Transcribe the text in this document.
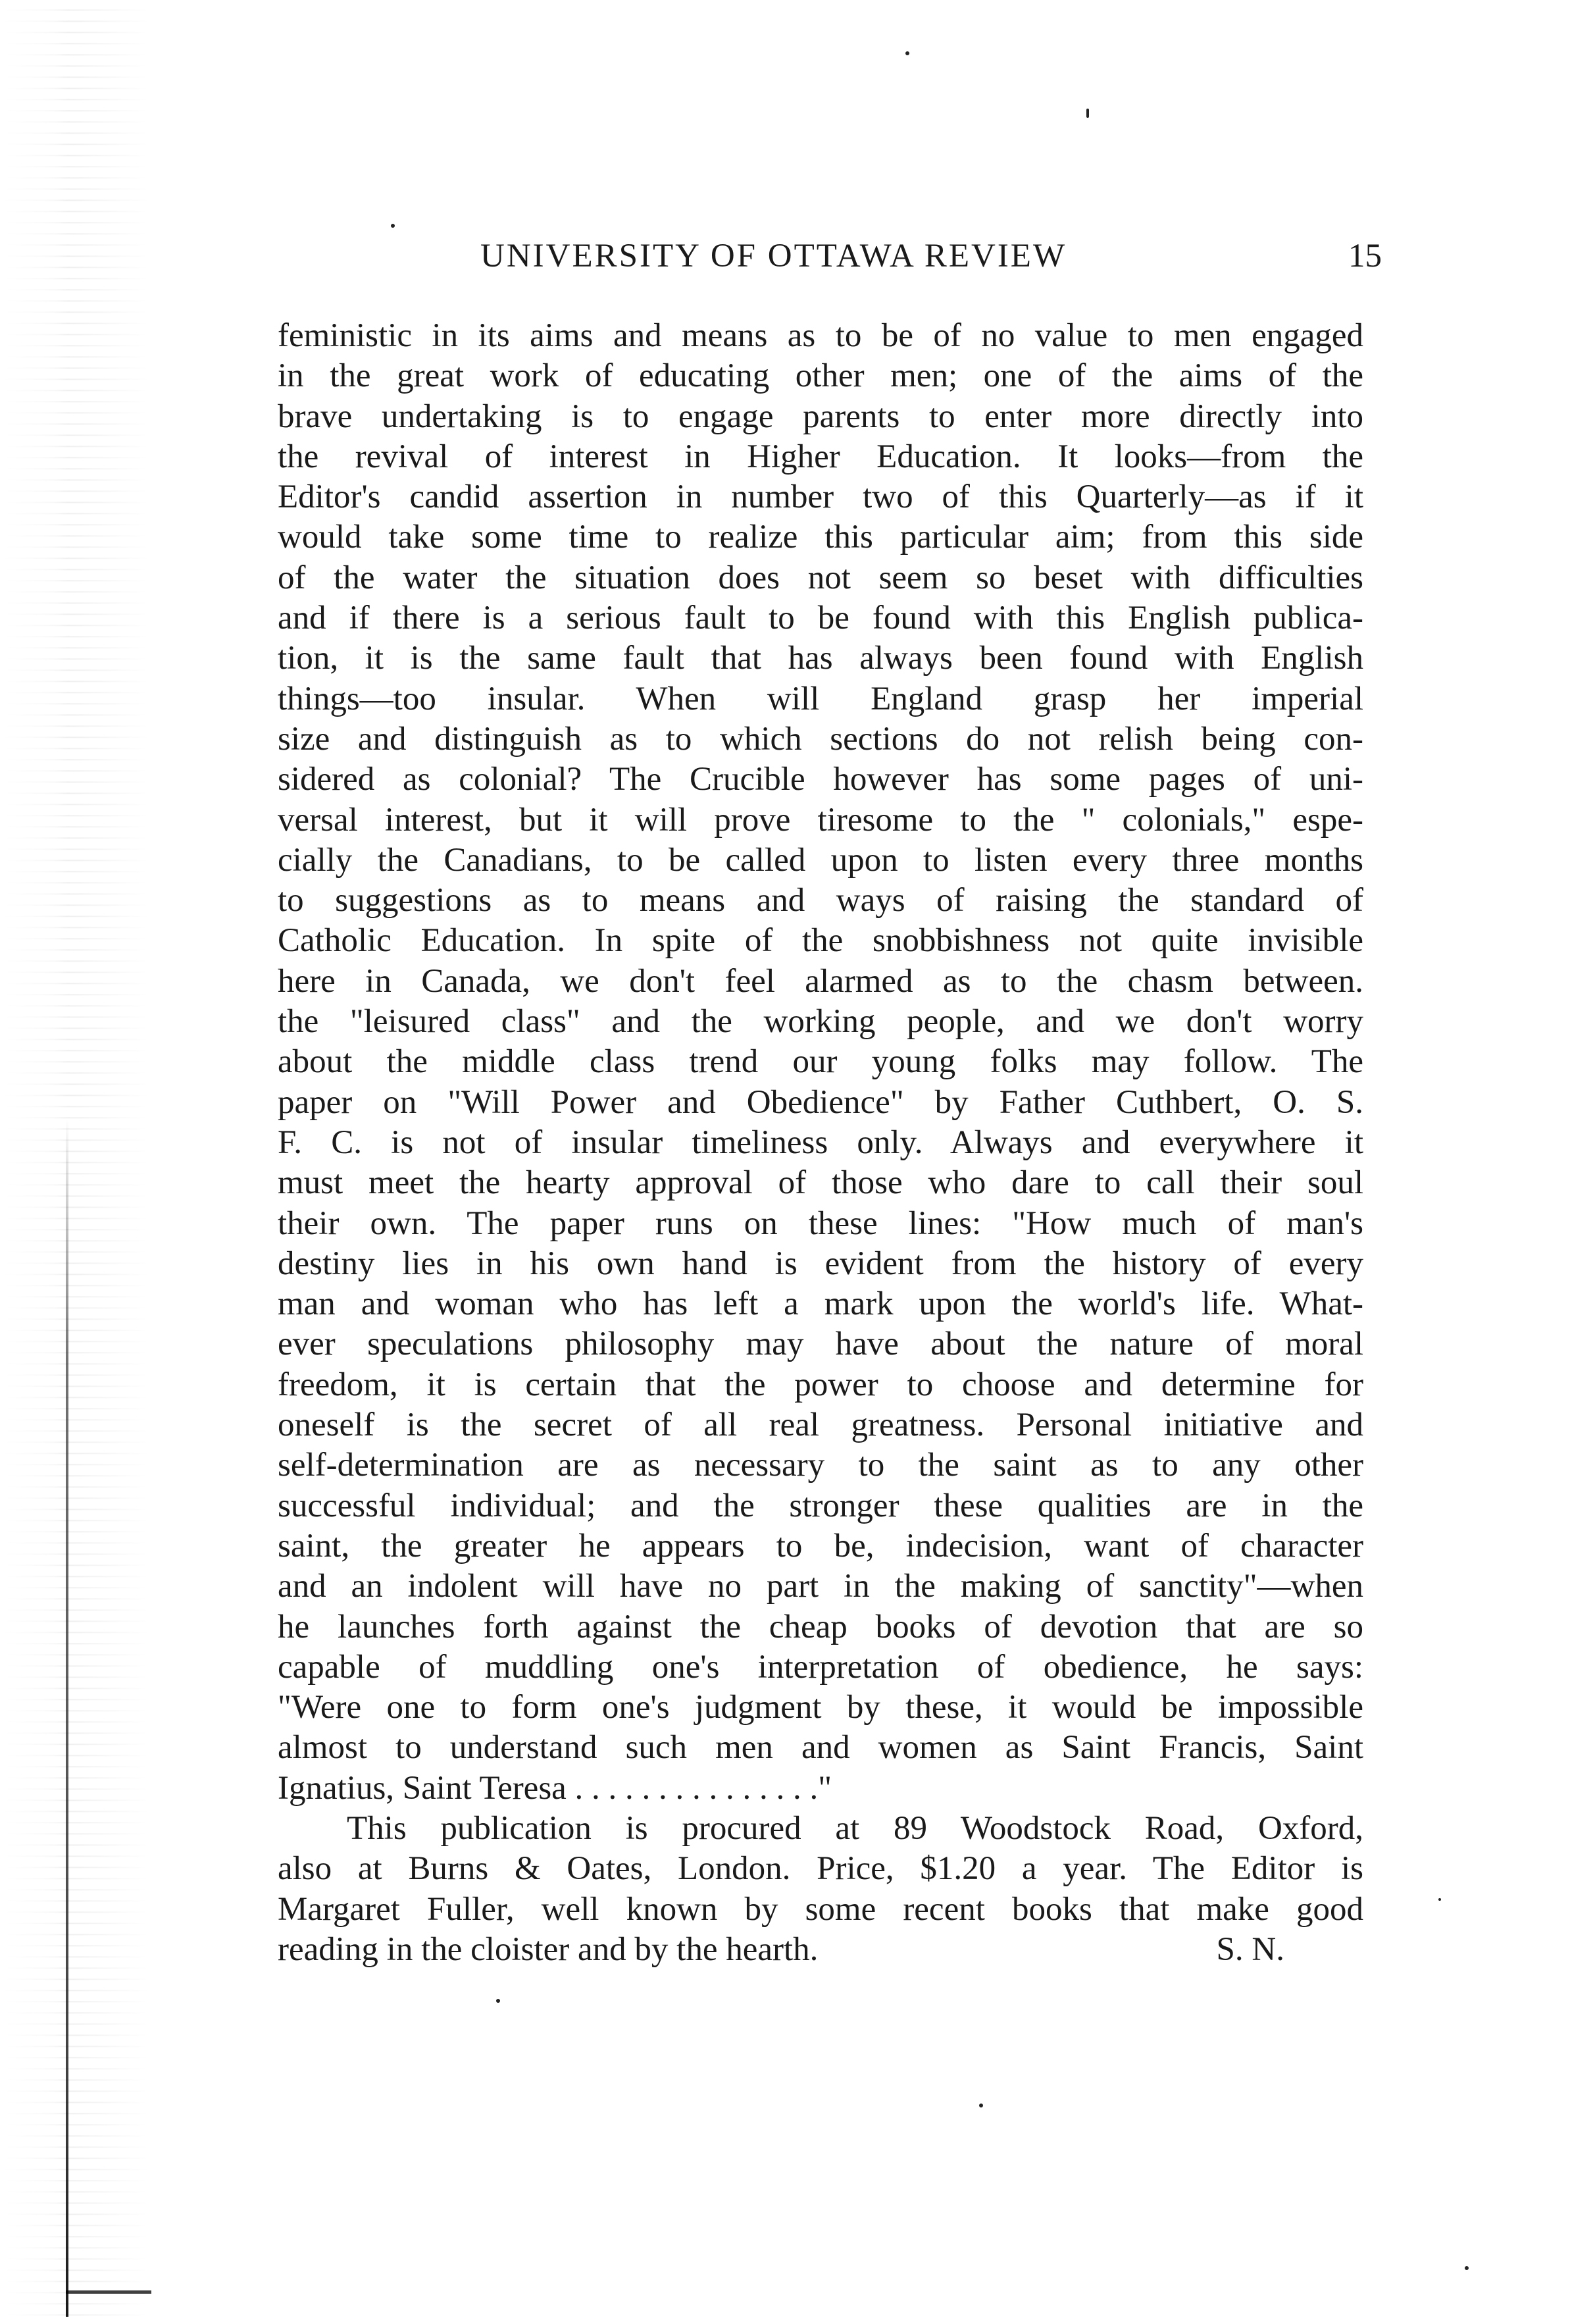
UNIVERSITY OF OTTAWA REVIEW	15
feministic in its aims and means as to be of no value to men engaged
in the great work of educating other men; one of the aims of the
brave undertaking is to engage parents to enter more directly into
the revival of interest in Higher Education. It looks—from the
Editor's candid assertion in number two of this Quarterly—as if it
would take some time to realize this particular aim; from this side
of the water the situation does not seem so beset with difficulties
and if there is a serious fault to be found with this English publica-
tion, it is the same fault that has always been found with English
things—too insular. When will England grasp her imperial
size and distinguish as to which sections do not relish being con-
sidered as colonial? The Crucible however has some pages of uni-
versal interest, but it will prove tiresome to the " colonials," espe-
cially the Canadians, to be called upon to listen every three months
to suggestions as to means and ways of raising the standard of
Catholic Education. In spite of the snobbishness not quite invisible
here in Canada, we don't feel alarmed as to the chasm between.
the "leisured class" and the working people, and we don't worry
about the middle class trend our young folks may follow. The
paper on "Will Power and Obedience" by Father Cuthbert, O. S.
F. C. is not of insular timeliness only. Always and everywhere it
must meet the hearty approval of those who dare to call their soul
their own. The paper runs on these lines: "How much of man's
destiny lies in his own hand is evident from the history of every
man and woman who has left a mark upon the world's life. What-
ever speculations philosophy may have about the nature of moral
freedom, it is certain that the power to choose and determine for
oneself is the secret of all real greatness. Personal initiative and
self-determination are as necessary to the saint as to any other
successful individual; and the stronger these qualities are in the
saint, the greater he appears to be, indecision, want of character
and an indolent will have no part in the making of sanctity"—when
he launches forth against the cheap books of devotion that are so
capable of muddling one's interpretation of obedience, he says:
"Were one to form one's judgment by these, it would be impossible
almost to understand such men and women as Saint Francis, Saint
Ignatius, Saint Teresa . . . . . . . . . . . . . . ."
This publication is procured at 89 Woodstock Road, Oxford,
also at Burns & Oates, London. Price, $1.20 a year. The Editor is
Margaret Fuller, well known by some recent books that make good
reading in the cloister and by the hearth.	S. N.
